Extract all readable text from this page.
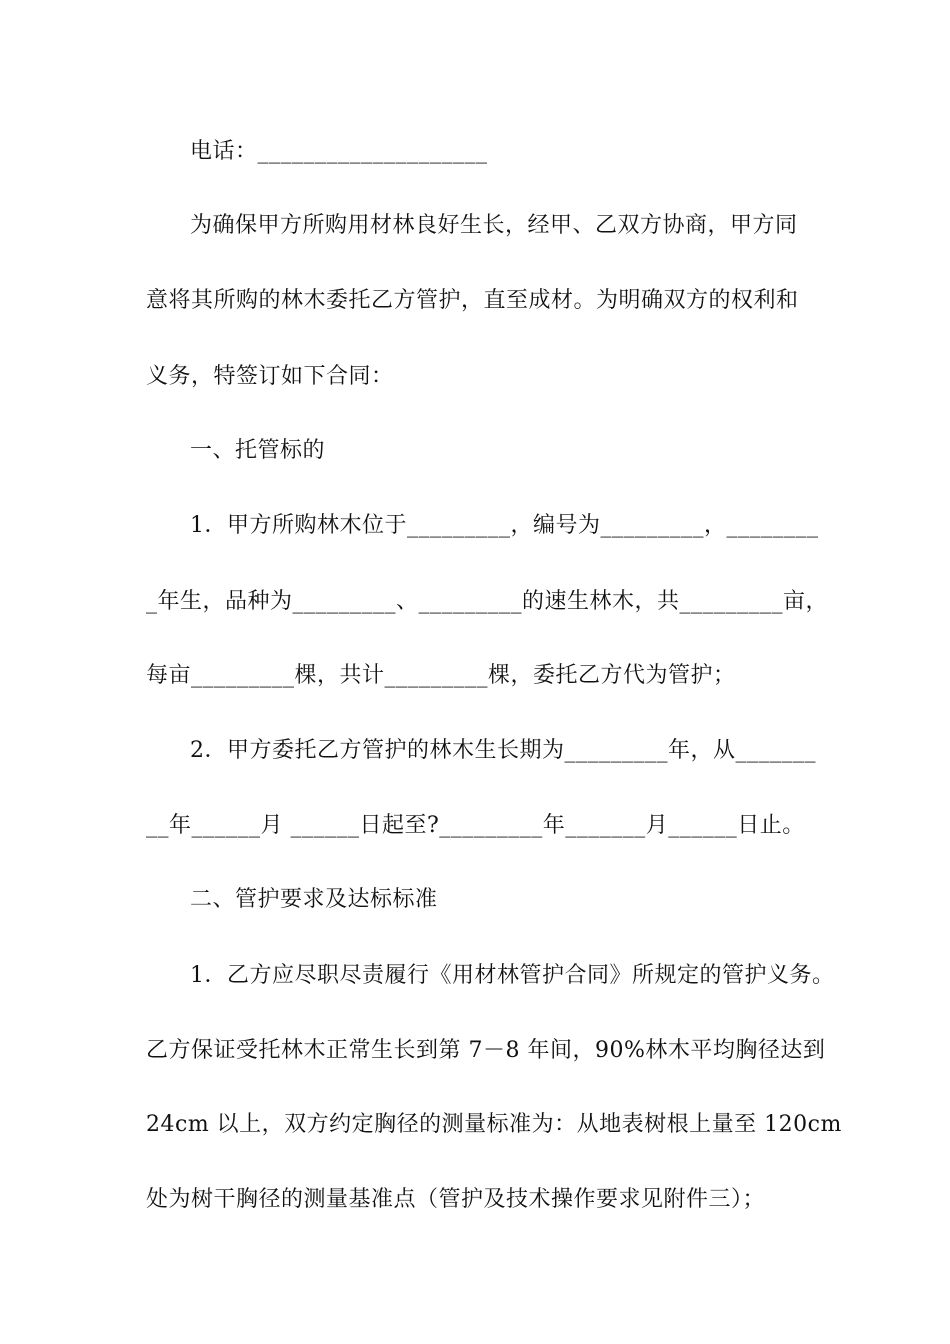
电话：____________________
为确保甲方所购用材林良好生长，经甲、乙双方协商，甲方同
意将其所购的林木委托乙方管护，直至成材。为明确双方的权利和
义务，特签订如下合同：
一、托管标的
1．甲方所购林木位于_________，编号为_________，________
_年生，品种为_________、_________的速生林木，共_________亩，
每亩_________棵，共计_________棵，委托乙方代为管护；
2．甲方委托乙方管护的林木生长期为_________年，从_______
__年______月 ______日起至?_________年_______月______日止。
二、管护要求及达标标准
1．乙方应尽职尽责履行《用材林管护合同》所规定的管护义务。
乙方保证受托林木正常生长到第 7－8 年间，90%林木平均胸径达到
24cm 以上，双方约定胸径的测量标准为：从地表树根上量至 120cm
处为树干胸径的测量基准点（管护及技术操作要求见附件三）；
